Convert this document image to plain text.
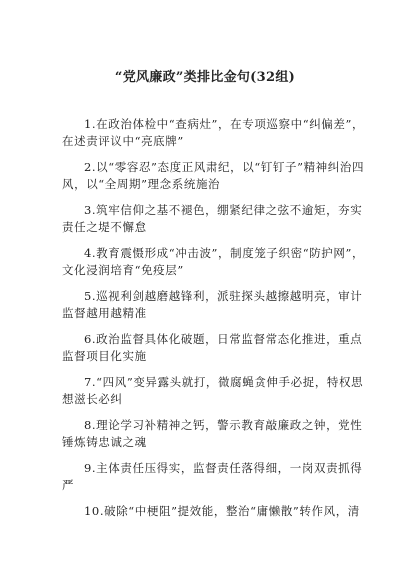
“党风廉政”类排比金句(32组)
1.在政治体检中“查病灶”，在专项巡察中“纠偏差”，
在述责评议中“亮底牌”
2.以“零容忍”态度正风肃纪，以“钉钉子”精神纠治四
风，以“全周期”理念系统施治
3.筑牢信仰之基不褪色，绷紧纪律之弦不逾矩，夯实
责任之堤不懈怠
4.教育震慑形成“冲击波”，制度笼子织密“防护网”，
文化浸润培育“免疫层”
5.巡视利剑越磨越锋利，派驻探头越擦越明亮，审计
监督越用越精准
6.政治监督具体化破题，日常监督常态化推进，重点
监督项目化实施
7.“四风”变异露头就打，微腐蝇贪伸手必捉，特权思
想滋长必纠
8.理论学习补精神之钙，警示教育敲廉政之钟，党性
锤炼铸忠诚之魂
9.主体责任压得实，监督责任落得细，一岗双责抓得
严
10.破除“中梗阻”提效能，整治“庸懒散”转作风，清
